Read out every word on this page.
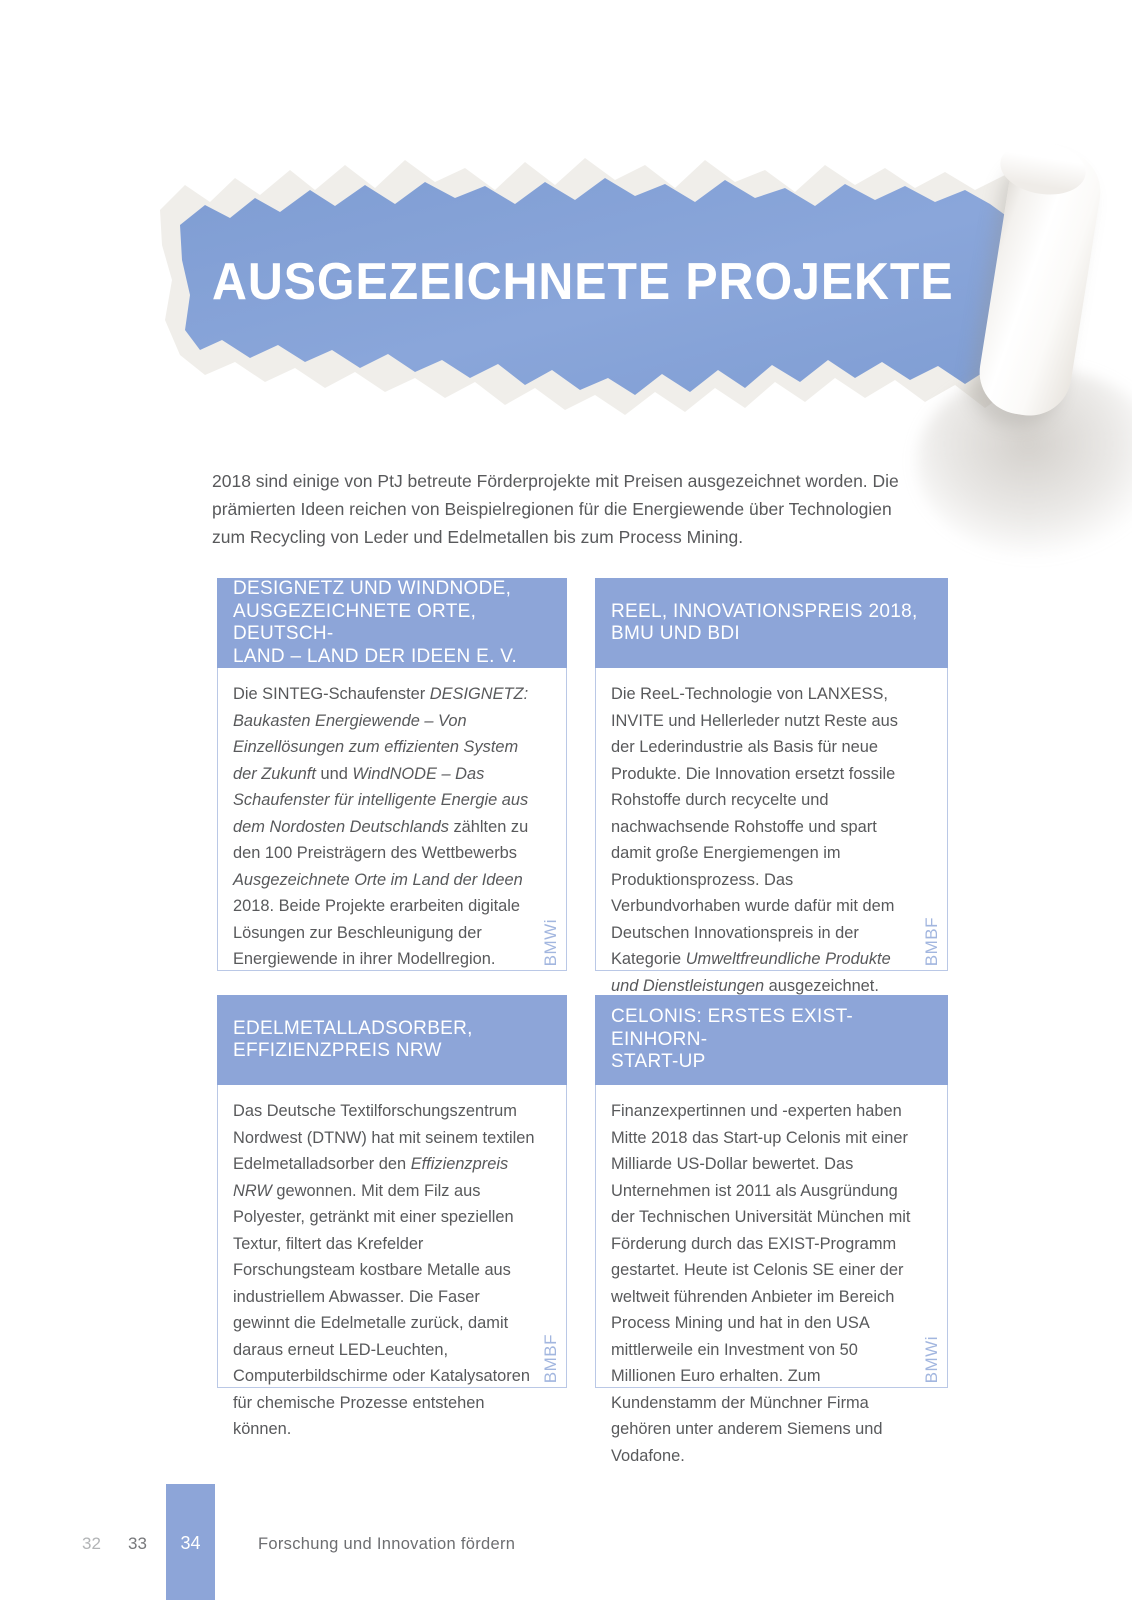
AUSGEZEICHNETE PROJEKTE

2018 sind einige von PtJ betreute Förderprojekte mit Preisen ausgezeichnet worden. Die prämierten Ideen reichen von Beispielregionen für die Energiewende über Technologien zum Recycling von Leder und Edelmetallen bis zum Process Mining.

DESIGNETZ UND WINDNODE,
AUSGEZEICHNETE ORTE, DEUTSCH-
LAND – LAND DER IDEEN E. V.
Die SINTEG-Schaufenster DESIGNETZ: Baukasten Energiewende – Von Einzellösungen zum effizienten System der Zukunft und WindNODE – Das Schaufenster für intelligente Energie aus dem Nordosten Deutschlands zählten zu den 100 Preisträgern des Wettbewerbs Ausgezeichnete Orte im Land der Ideen 2018. Beide Projekte erarbeiten digitale Lösungen zur Beschleunigung der Energiewende in ihrer Modellregion.	BMWi
REEL, INNOVATIONSPREIS 2018,
BMU UND BDI
Die ReeL-Technologie von LANXESS, INVITE und Hellerleder nutzt Reste aus der Lederindustrie als Basis für neue Produkte. Die Innovation ersetzt fossile Rohstoffe durch recycelte und nachwachsende Rohstoffe und spart damit große Energiemengen im Produktionsprozess. Das Verbundvorhaben wurde dafür mit dem Deutschen Innovationspreis in der Kategorie Umweltfreundliche Produkte und Dienstleistungen ausgezeichnet.
BMBF
EDELMETALLADSORBER,
EFFIZIENZPREIS NRW
Das Deutsche Textilforschungszentrum Nordwest (DTNW) hat mit seinem textilen Edelmetalladsorber den Effizienzpreis NRW gewonnen. Mit dem Filz aus Polyester, getränkt mit einer speziellen Textur, filtert das Krefelder Forschungsteam kostbare Metalle aus industriellem Abwasser. Die Faser gewinnt die Edelmetalle zurück, damit daraus erneut LED-Leuchten, Computerbildschirme oder Katalysatoren für chemische Prozesse entstehen können.
BMBF
CELONIS: ERSTES EXIST-EINHORN-
START-UP
Finanzexpertinnen und -experten haben Mitte 2018 das Start-up Celonis mit einer Milliarde US-Dollar bewertet. Das Unternehmen ist 2011 als Ausgründung der Technischen Universität München mit Förderung durch das EXIST-Programm gestartet. Heute ist Celonis SE einer der weltweit führenden Anbieter im Bereich Process Mining und hat in den USA mittlerweile ein Investment von 50 Millionen Euro erhalten. Zum Kundenstamm der Münchner Firma gehören unter anderem Siemens und Vodafone.
BMWi
32 33	34	Forschung und Innovation fördern
